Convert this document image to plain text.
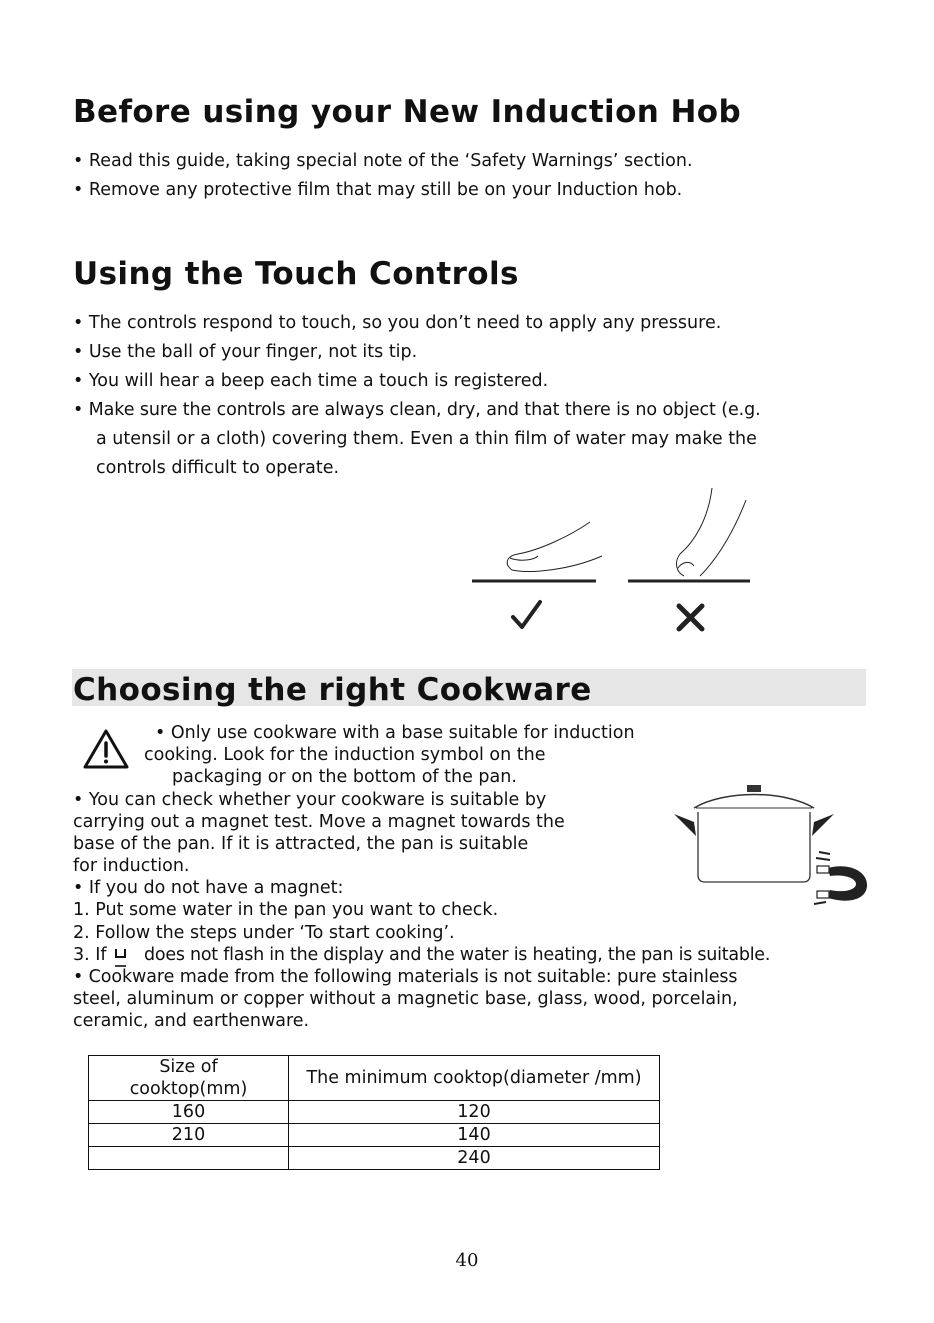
Before using your New Induction Hob
• Read this guide, taking special note of the ‘Safety Warnings’ section.
• Remove any protective film that may still be on your Induction hob.
Using the Touch Controls
• The controls respond to touch, so you don’t need to apply any pressure.
• Use the ball of your finger, not its tip.
• You will hear a beep each time a touch is registered.
• Make sure the controls are always clean, dry, and that there is no object (e.g.
a utensil or a cloth) covering them. Even a thin film of water may make the
controls difficult to operate.
Choosing the right Cookware
• Only use cookware with a base suitable for induction
cooking. Look for the induction symbol on the
packaging or on the bottom of the pan.
• You can check whether your cookware is suitable by
carrying out a magnet test. Move a magnet towards the
base of the pan. If it is attracted, the pan is suitable
for induction.
• If you do not have a magnet:
1. Put some water in the pan you want to check.
2. Follow the steps under ‘To start cooking’.
3. If does not flash in the display and the water is heating, the pan is suitable.
• Cookware made from the following materials is not suitable: pure stainless
steel, aluminum or copper without a magnetic base, glass, wood, porcelain,
ceramic, and earthenware.
Size of cooktop(mm)	The minimum cooktop(diameter /mm)

160	120
210	140
	240
40
